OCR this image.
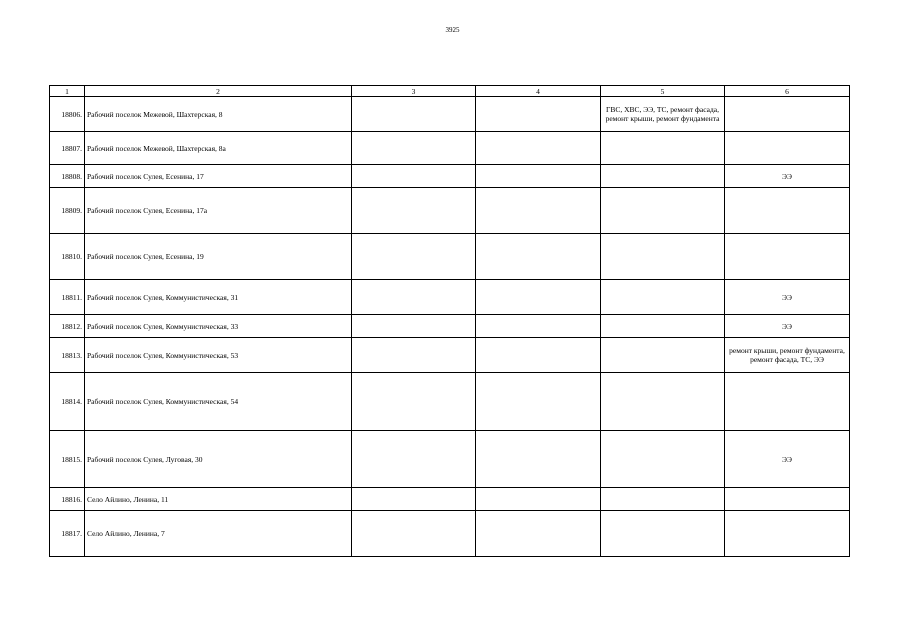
3925
1	2	3	4	5	6
18806.	Рабочий поселок Межевой, Шахтерская, 8			ГВС, ХВС, ЭЭ, ТС, ремонт фасада, ремонт крыши, ремонт фундамента	
18807.	Рабочий поселок Межевой, Шахтерская, 8а				
18808.	Рабочий поселок Сулея, Есенина, 17				ЭЭ
18809.	Рабочий поселок Сулея, Есенина, 17а				
18810.	Рабочий поселок Сулея, Есенина, 19				
18811.	Рабочий поселок Сулея, Коммунистическая, 31				ЭЭ
18812.	Рабочий поселок Сулея, Коммунистическая, 33				ЭЭ
18813.	Рабочий поселок Сулея, Коммунистическая, 53				ремонт крыши, ремонт фундамента, ремонт фасада, ТС, ЭЭ
18814.	Рабочий поселок Сулея, Коммунистическая, 54				
18815.	Рабочий поселок Сулея, Луговая, 30				ЭЭ
18816.	Село Айлино, Ленина, 11				
18817.	Село Айлино, Ленина, 7				
